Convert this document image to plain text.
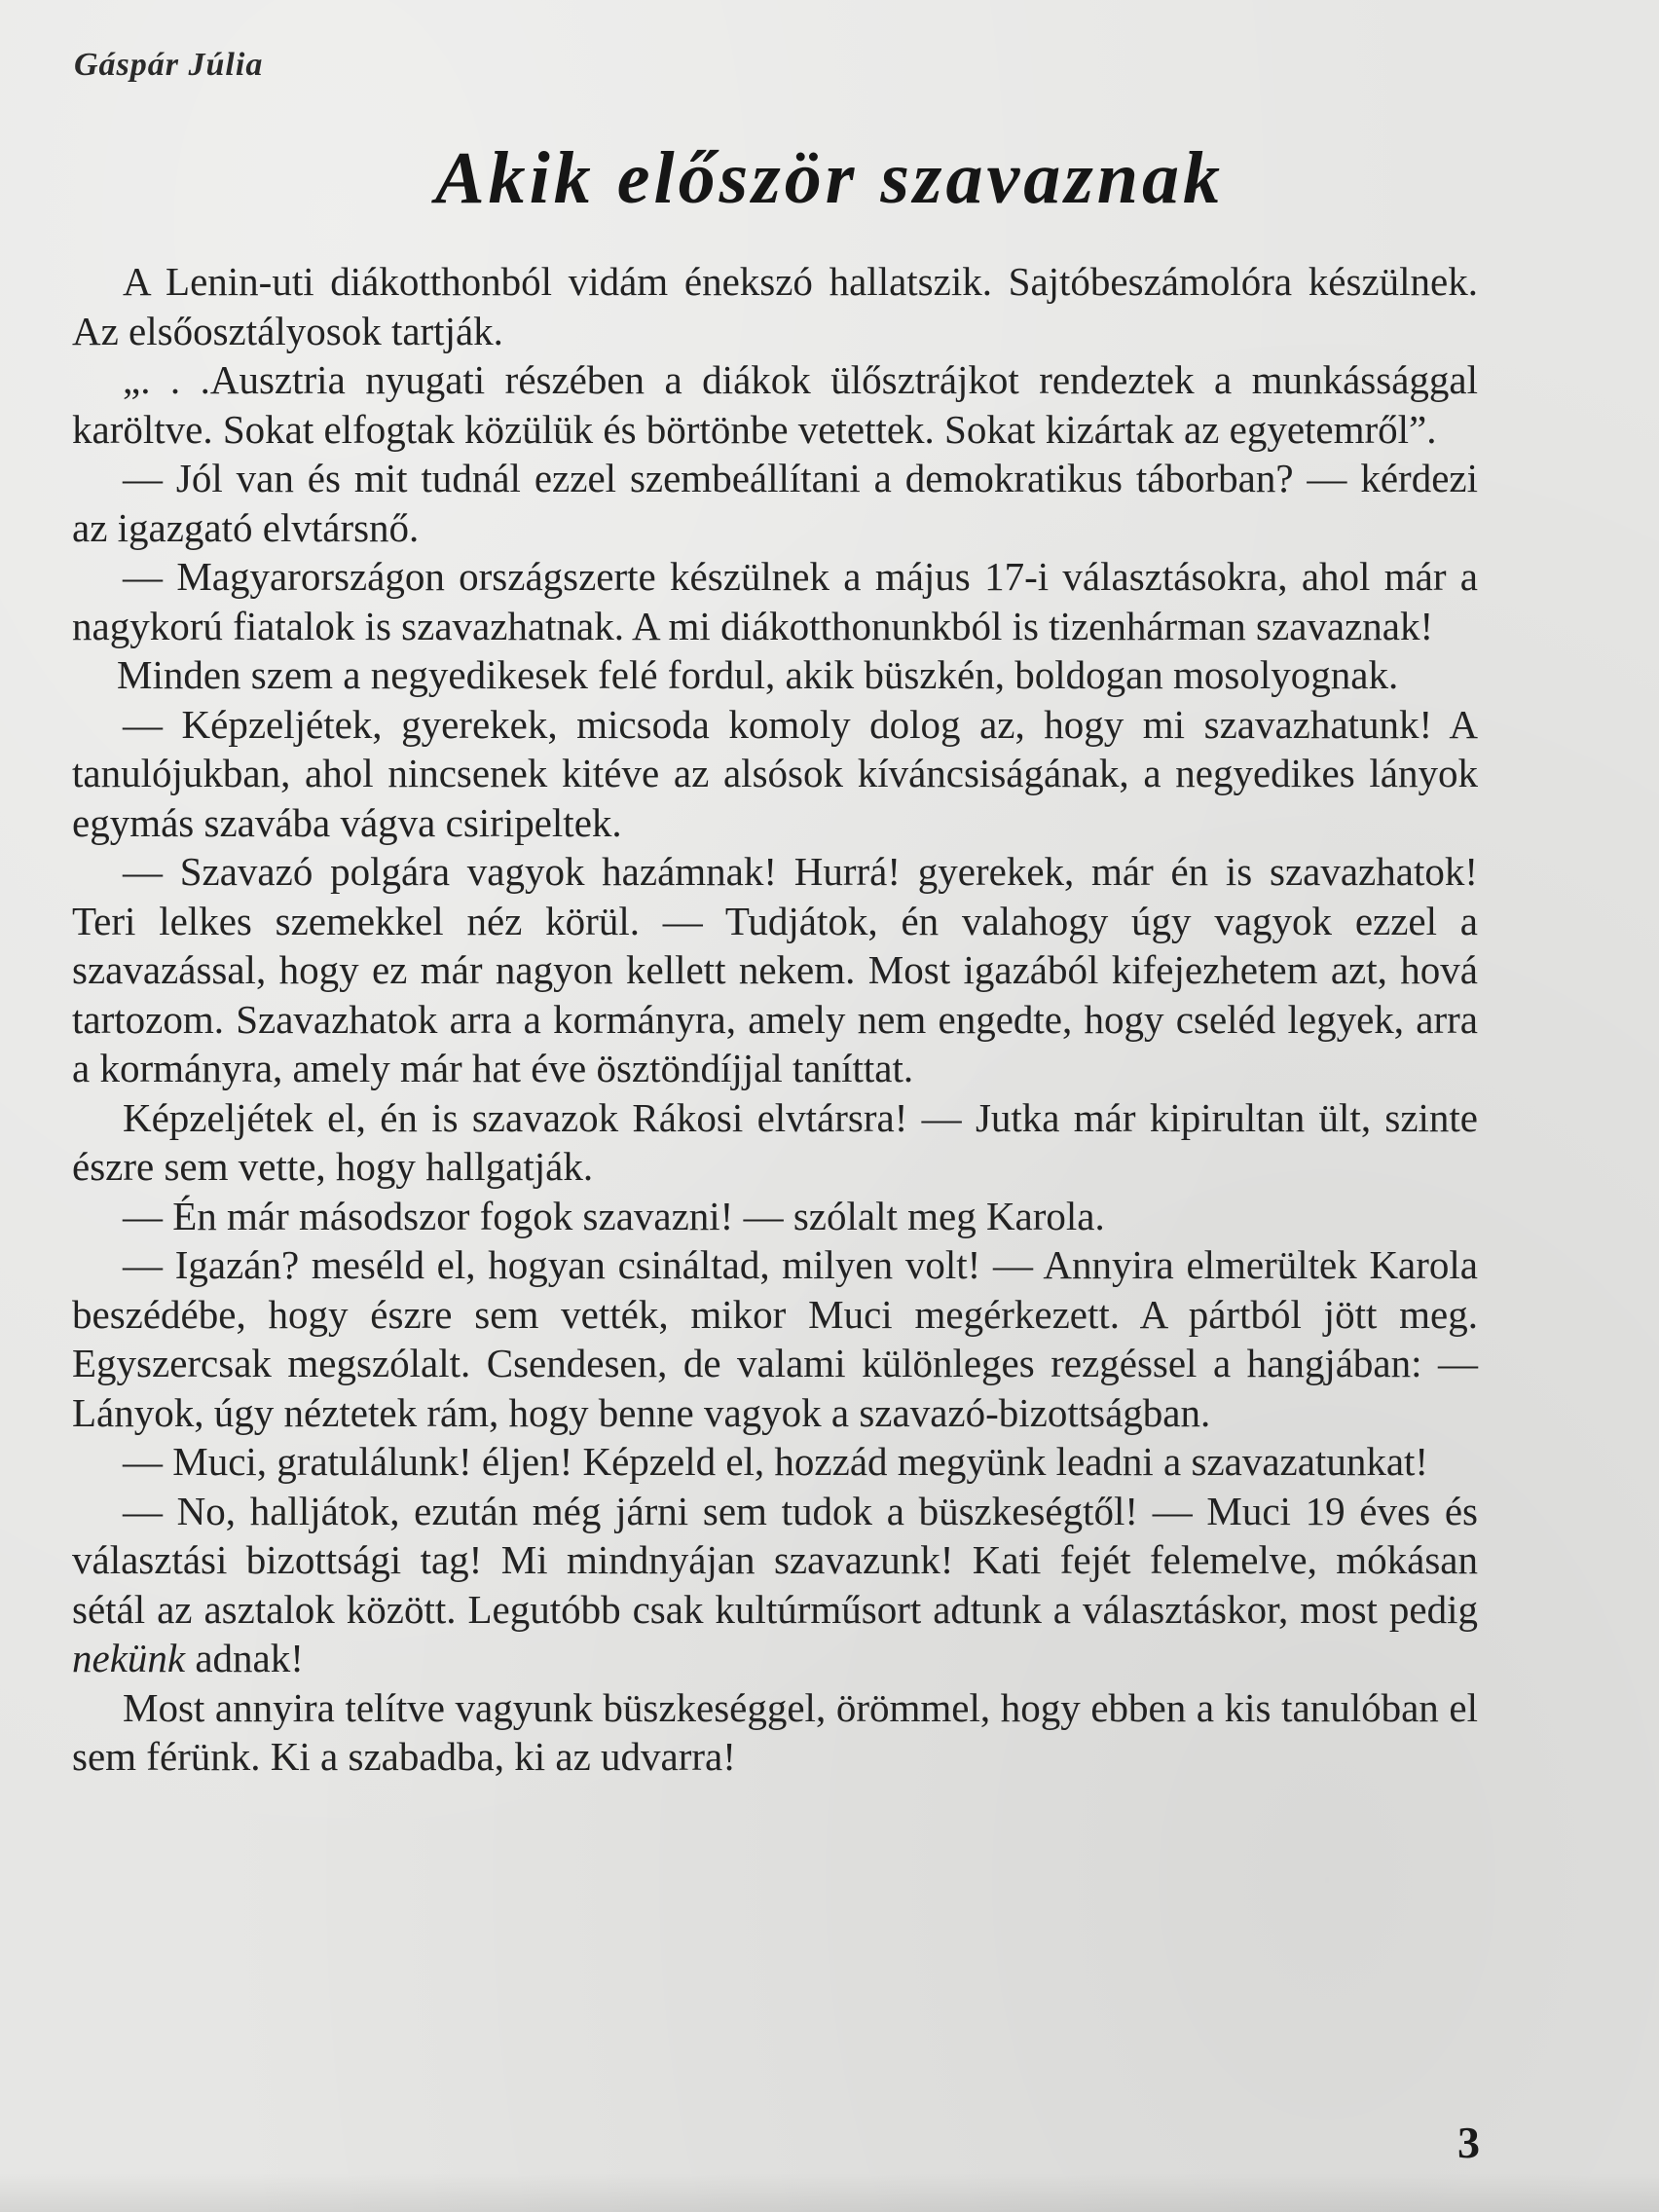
Gáspár Júlia
Akik először szavaznak

A Lenin-uti diákotthonból vidám énekszó hallatszik. Sajtóbeszámolóra készülnek. Az elsőosztályosok tartják.

„. . .Ausztria nyugati részében a diákok ülősztrájkot rendeztek a munkássággal karöltve. Sokat elfogtak közülük és börtönbe vetettek. Sokat kizártak az egyetemről”.

— Jól van és mit tudnál ezzel szembeállítani a demokratikus táborban? — kérdezi az igazgató elvtársnő.

— Magyarországon országszerte készülnek a május 17-i választásokra, ahol már a nagykorú fiatalok is szavazhatnak. A mi diákotthonunkból is tizenhárman szavaznak!

Minden szem a negyedikesek felé fordul, akik büszkén, boldogan mosolyognak.

— Képzeljétek, gyerekek, micsoda komoly dolog az, hogy mi szavazhatunk! A tanulójukban, ahol nincsenek kitéve az alsósok kíváncsiságának, a negyedikes lányok egymás szavába vágva csiripeltek.

— Szavazó polgára vagyok hazámnak! Hurrá! gyerekek, már én is szavazhatok! Teri lelkes szemekkel néz körül. — Tudjátok, én valahogy úgy vagyok ezzel a szavazással, hogy ez már nagyon kellett nekem. Most igazából kifejezhetem azt, hová tartozom. Szavazhatok arra a kormányra, amely nem engedte, hogy cseléd legyek, arra a kormányra, amely már hat éve ösztöndíjjal taníttat.

Képzeljétek el, én is szavazok Rákosi elvtársra! — Jutka már kipirultan ült, szinte észre sem vette, hogy hallgatják.

— Én már másodszor fogok szavazni! — szólalt meg Karola.

— Igazán? meséld el, hogyan csináltad, milyen volt! — Annyira elmerültek Karola beszédébe, hogy észre sem vették, mikor Muci megérkezett. A pártból jött meg. Egyszercsak megszólalt. Csendesen, de valami különleges rezgéssel a hangjában: — Lányok, úgy néztetek rám, hogy benne vagyok a szavazó-bizottságban.

— Muci, gratulálunk! éljen! Képzeld el, hozzád megyünk leadni a szavazatunkat!

— No, halljátok, ezután még járni sem tudok a büszkeségtől! — Muci 19 éves és választási bizottsági tag! Mi mindnyájan szavazunk! Kati fejét felemelve, mókásan sétál az asztalok között. Legutóbb csak kultúrműsort adtunk a választáskor, most pedig nekünk adnak!

Most annyira telítve vagyunk büszkeséggel, örömmel, hogy ebben a kis tanulóban el sem férünk. Ki a szabadba, ki az udvarra!

3
